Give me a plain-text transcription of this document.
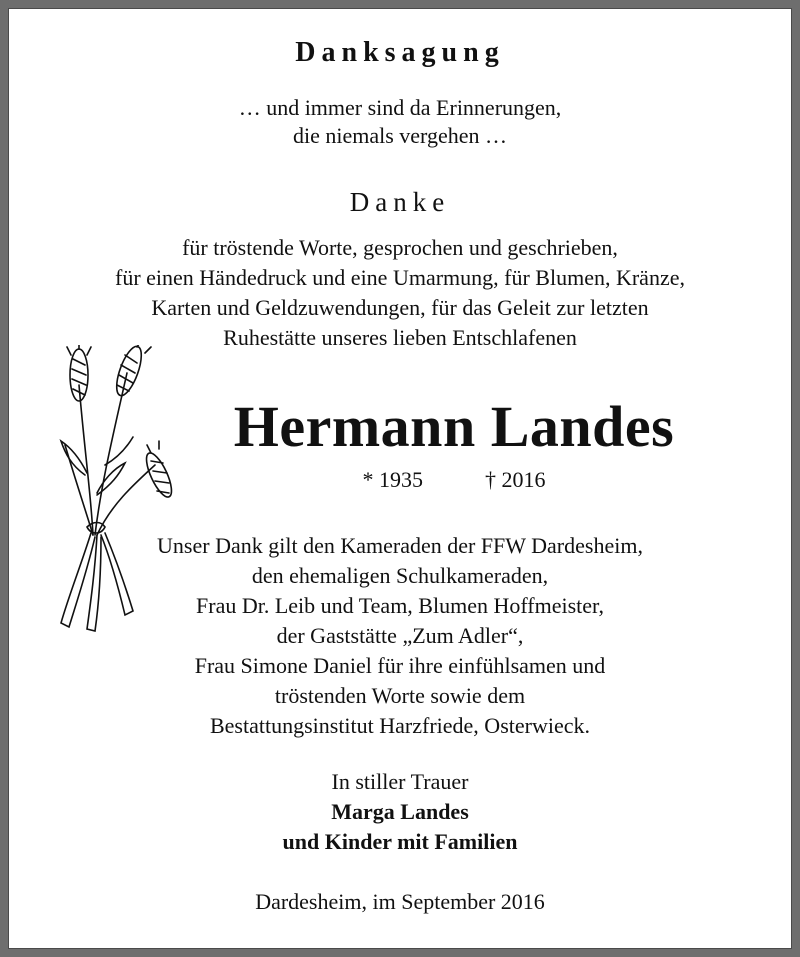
Danksagung
… und immer sind da Erinnerungen,
die niemals vergehen …
Danke
für tröstende Worte, gesprochen und geschrieben,
für einen Händedruck und eine Umarmung, für Blumen, Kränze,
Karten und Geldzuwendungen, für das Geleit zur letzten
Ruhestätte unseres lieben Entschlafenen
Hermann Landes
* 1935	† 2016
Unser Dank gilt den Kameraden der FFW Dardesheim,
den ehemaligen Schulkameraden,
Frau Dr. Leib und Team, Blumen Hoffmeister,
der Gaststätte „Zum Adler“,
Frau Simone Daniel für ihre einfühlsamen und
tröstenden Worte sowie dem
Bestattungsinstitut Harzfriede, Osterwieck.
In stiller Trauer
Marga Landes
und Kinder mit Familien
Dardesheim, im September 2016
